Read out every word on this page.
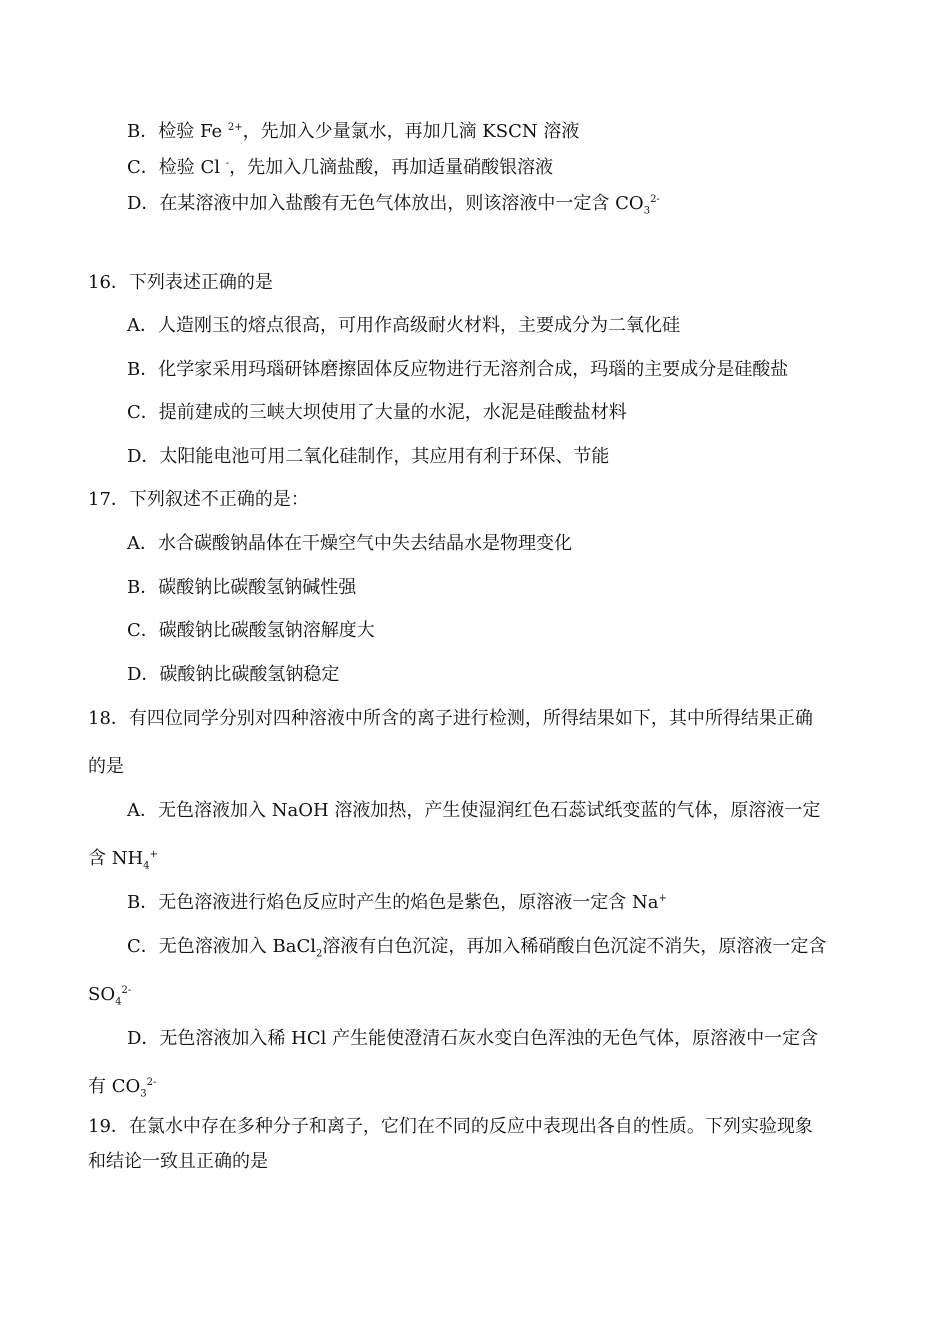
B．检验 Fe $^{2+}$，先加入少量氯水，再加几滴 KSCN 溶液
C．检验 Cl -，先加入几滴盐酸，再加适量硝酸银溶液
D．在某溶液中加入盐酸有无色气体放出，则该溶液中一定含 $CO_3^{2-}$
16．下列表述正确的是
A．人造刚玉的熔点很高，可用作高级耐火材料，主要成分为二氧化硅
B．化学家采用玛瑙研钵磨擦固体反应物进行无溶剂合成，玛瑙的主要成分是硅酸盐
C．提前建成的三峡大坝使用了大量的水泥，水泥是硅酸盐材料
D．太阳能电池可用二氧化硅制作，其应用有利于环保、节能
17．下列叙述不正确的是：
A．水合碳酸钠晶体在干燥空气中失去结晶水是物理变化
B．碳酸钠比碳酸氢钠碱性强
C．碳酸钠比碳酸氢钠溶解度大
D．碳酸钠比碳酸氢钠稳定
18．有四位同学分别对四种溶液中所含的离子进行检测，所得结果如下，其中所得结果正确
的是
A．无色溶液加入 NaOH 溶液加热，产生使湿润红色石蕊试纸变蓝的气体，原溶液一定
含 $NH_4^+$
B．无色溶液进行焰色反应时产生的焰色是紫色，原溶液一定含 Na+
C．无色溶液加入 BaCl$_2$溶液有白色沉淀，再加入稀硝酸白色沉淀不消失，原溶液一定含
$SO_4^{2-}$
D．无色溶液加入稀 HCl 产生能使澄清石灰水变白色浑浊的无色气体，原溶液中一定含
有 $CO_3^{2-}$
19．在氯水中存在多种分子和离子，它们在不同的反应中表现出各自的性质。下列实验现象
和结论一致且正确的是
